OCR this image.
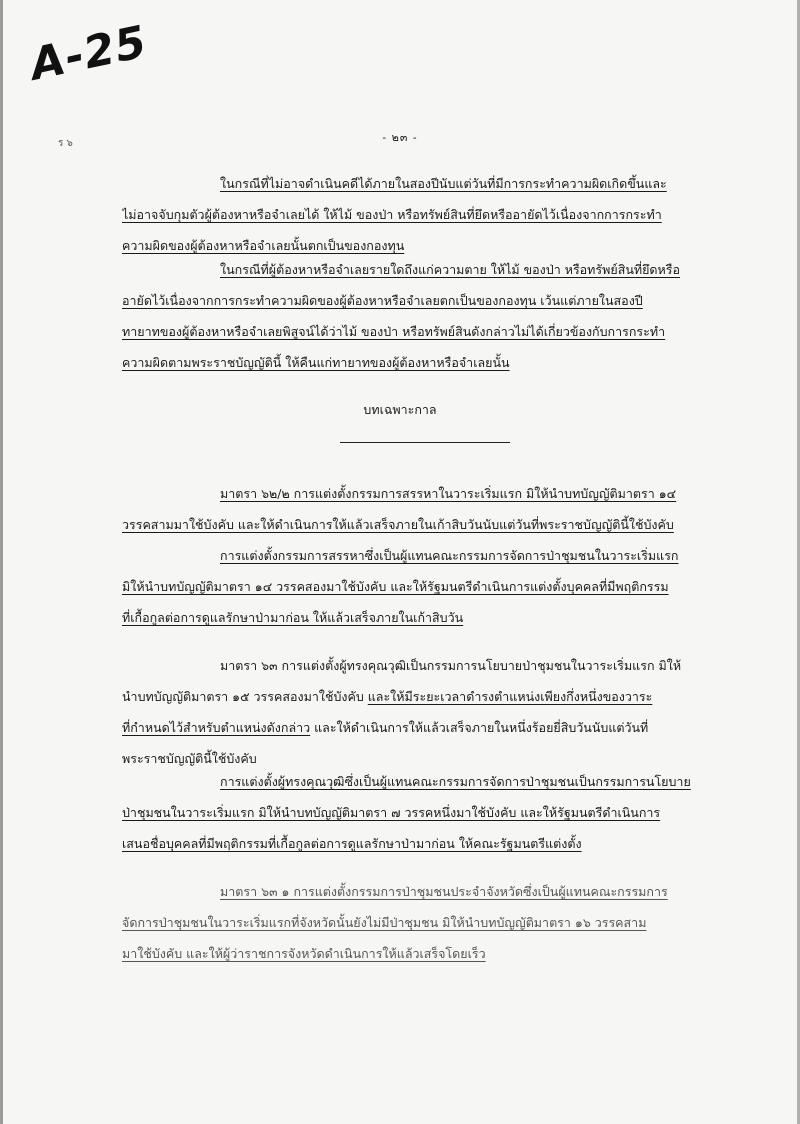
A-25
ร ๖	- ๒๓ -
ในกรณีที่ไม่อาจดำเนินคดีได้ภายในสองปีนับแต่วันที่มีการกระทำความผิดเกิดขึ้นและ
ไม่อาจจับกุมตัวผู้ต้องหาหรือจำเลยได้ ให้ไม้ ของป่า หรือทรัพย์สินที่ยึดหรืออายัดไว้เนื่องจากการกระทำ
ความผิดของผู้ต้องหาหรือจำเลยนั้นตกเป็นของกองทุน
ในกรณีที่ผู้ต้องหาหรือจำเลยรายใดถึงแก่ความตาย ให้ไม้ ของป่า หรือทรัพย์สินที่ยึดหรือ
อายัดไว้เนื่องจากการกระทำความผิดของผู้ต้องหาหรือจำเลยตกเป็นของกองทุน เว้นแต่ภายในสองปี
ทายาทของผู้ต้องหาหรือจำเลยพิสูจน์ได้ว่าไม้ ของป่า หรือทรัพย์สินดังกล่าวไม่ได้เกี่ยวข้องกับการกระทำ
ความผิดตามพระราชบัญญัตินี้ ให้คืนแก่ทายาทของผู้ต้องหาหรือจำเลยนั้น
บทเฉพาะกาล
มาตรา ๖๒/๒ การแต่งตั้งกรรมการสรรหาในวาระเริ่มแรก มิให้นำบทบัญญัติมาตรา ๑๔
วรรคสามมาใช้บังคับ และให้ดำเนินการให้แล้วเสร็จภายในเก้าสิบวันนับแต่วันที่พระราชบัญญัตินี้ใช้บังคับ
การแต่งตั้งกรรมการสรรหาซึ่งเป็นผู้แทนคณะกรรมการจัดการป่าชุมชนในวาระเริ่มแรก
มิให้นำบทบัญญัติมาตรา ๑๔ วรรคสองมาใช้บังคับ และให้รัฐมนตรีดำเนินการแต่งตั้งบุคคลที่มีพฤติกรรม
ที่เกื้อกูลต่อการดูแลรักษาป่ามาก่อน ให้แล้วเสร็จภายในเก้าสิบวัน
มาตรา ๖๓ การแต่งตั้งผู้ทรงคุณวุฒิเป็นกรรมการนโยบายป่าชุมชนในวาระเริ่มแรก มิให้
นำบทบัญญัติมาตรา ๑๕ วรรคสองมาใช้บังคับ และให้มีระยะเวลาดำรงตำแหน่งเพียงกึ่งหนึ่งของวาระ
ที่กำหนดไว้สำหรับตำแหน่งดังกล่าว และให้ดำเนินการให้แล้วเสร็จภายในหนึ่งร้อยยี่สิบวันนับแต่วันที่
พระราชบัญญัตินี้ใช้บังคับ
การแต่งตั้งผู้ทรงคุณวุฒิซึ่งเป็นผู้แทนคณะกรรมการจัดการป่าชุมชนเป็นกรรมการนโยบาย
ป่าชุมชนในวาระเริ่มแรก มิให้นำบทบัญญัติมาตรา ๗ วรรคหนึ่งมาใช้บังคับ และให้รัฐมนตรีดำเนินการ
เสนอชื่อบุคคลที่มีพฤติกรรมที่เกื้อกูลต่อการดูแลรักษาป่ามาก่อน ให้คณะรัฐมนตรีแต่งตั้ง
มาตรา ๖๓ ๑ การแต่งตั้งกรรมการป่าชุมชนประจำจังหวัดซึ่งเป็นผู้แทนคณะกรรมการ
จัดการป่าชุมชนในวาระเริ่มแรกที่จังหวัดนั้นยังไม่มีป่าชุมชน มิให้นำบทบัญญัติมาตรา ๑๖ วรรคสาม
มาใช้บังคับ และให้ผู้ว่าราชการจังหวัดดำเนินการให้แล้วเสร็จโดยเร็ว
